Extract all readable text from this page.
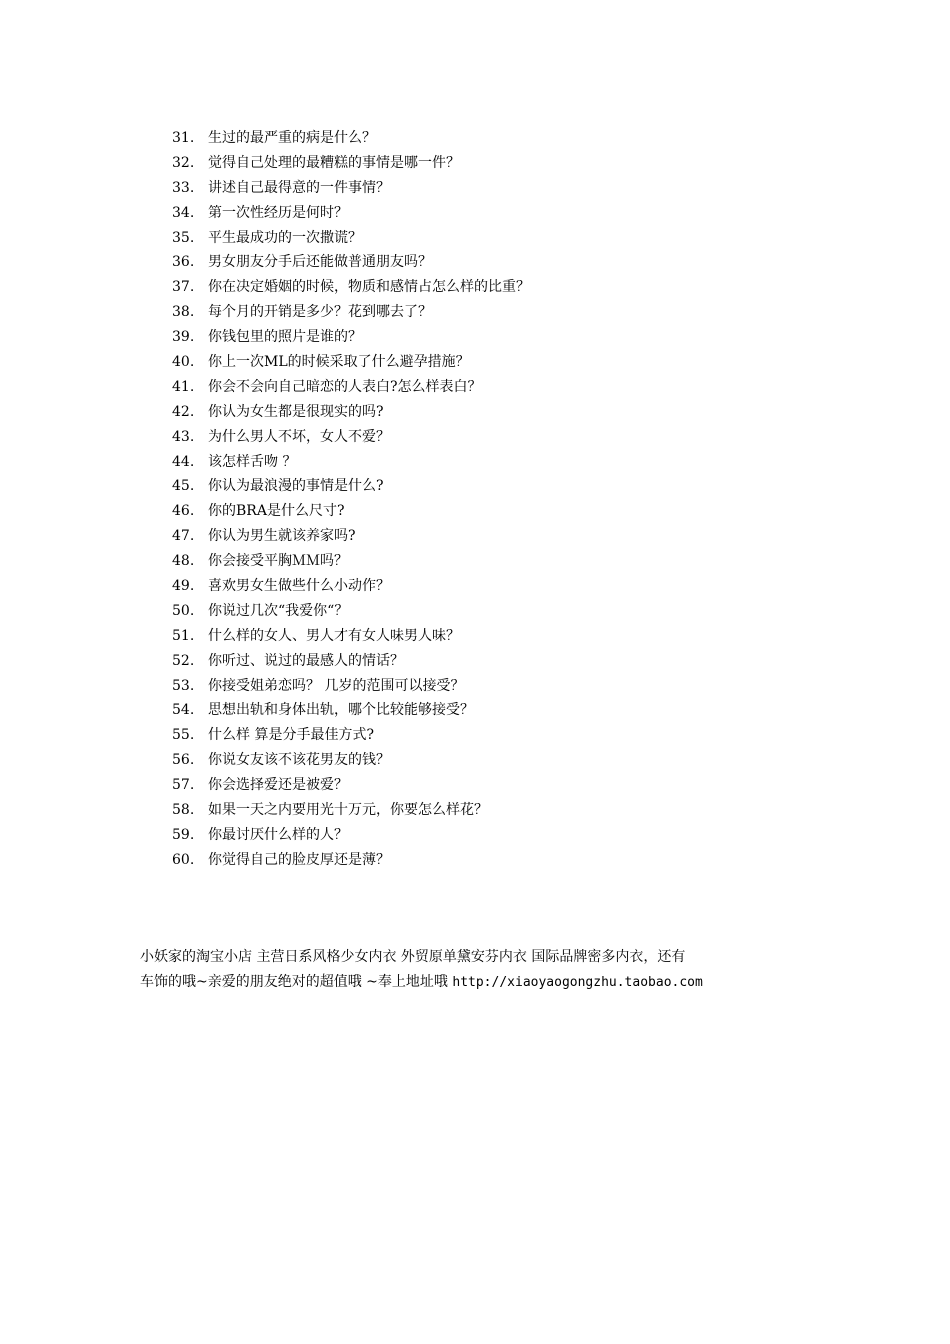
31. 生过的最严重的病是什么？
32. 觉得自己处理的最糟糕的事情是哪一件？
33. 讲述自己最得意的一件事情？
34. 第一次性经历是何时？
35. 平生最成功的一次撒谎？
36. 男女朋友分手后还能做普通朋友吗？
37. 你在决定婚姻的时候，物质和感情占怎么样的比重？
38. 每个月的开销是多少？花到哪去了？
39. 你钱包里的照片是谁的？
40. 你上一次ML的时候采取了什么避孕措施？
41. 你会不会向自己暗恋的人表白?怎么样表白？
42. 你认为女生都是很现实的吗?
43. 为什么男人不坏，女人不爱？
44. 该怎样舌吻 ？
45. 你认为最浪漫的事情是什么?
46. 你的BRA是什么尺寸?
47. 你认为男生就该养家吗?
48. 你会接受平胸ＭＭ吗？
49. 喜欢男女生做些什么小动作？
50. 你说过几次“我爱你“？
51. 什么样的女人、男人才有女人味男人味？
52. 你听过、说过的最感人的情话？
53. 你接受姐弟恋吗？ 几岁的范围可以接受？
54. 思想出轨和身体出轨，哪个比较能够接受？
55. 什么样 算是分手最佳方式?
56. 你说女友该不该花男友的钱？
57. 你会选择爱还是被爱？
58. 如果一天之内要用光十万元，你要怎么样花？
59. 你最讨厌什么样的人？
60. 你觉得自己的脸皮厚还是薄？
小妖家的淘宝小店 主营日系风格少女内衣 外贸原单黛安芬内衣 国际品牌密多内衣，还有
车饰的哦~亲爱的朋友绝对的超值哦 ~奉上地址哦 http://xiaoyaogongzhu.taobao.com
